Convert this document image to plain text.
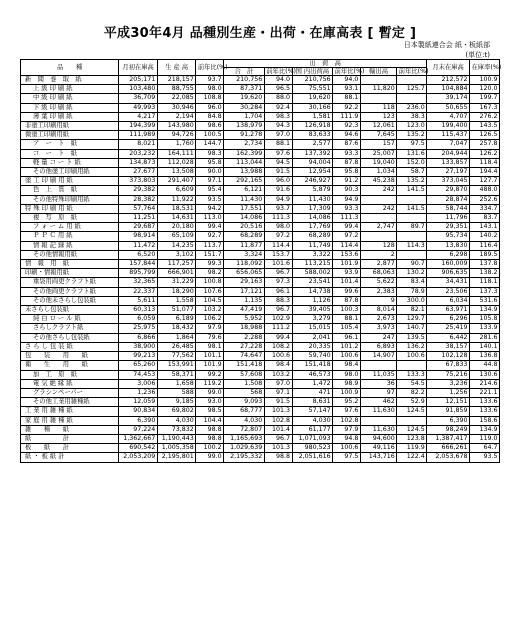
平成30年4月 品種別生産・出荷・在庫高表 [ 暫定 ]
日本製紙連合会 紙・板紙部
(単位:t)
品　　種	月初在庫高	生 産 高	前年比(%)	出　荷　高						月末在庫高	在庫率(%)
				合　計	前年比(%)	国 内出荷高	前年比(%)	輸出高	前年比(%)		
新　聞　巻　取　紙	205,171	218,157	93.7	210,756	94.0	210,756	94.0			212,572	100.9
上 級 印 刷 紙	103,480	88,755	98.0	87,371	96.5	75,551	93.1	11,820	125.7	104,884	120.0
中 級 印 刷 紙	36,709	22,085	108.8	19,620	88.0	19,620	88.1			39,174	199.7
下 級 印 刷 紙	49,993	30,946	96.0	30,284	92.4	30,166	92.2	118	236.0	50,655	167.3
薄 葉 印 刷 紙	4,217	2,194	84.8	1,704	98.3	1,581	111.9	123	38.3	4,707	276.2
非塗工印刷用紙	194,399	143,980	98.6	138,979	94.3	126,918	92.3	12,061	123.0	199,400	143.5
微塗工印刷用紙	111,989	94,726	100.5	91,278	97.0	83,633	94.6	7,645	135.2	115,437	126.5
ア　ー　ト　紙	8,021	1,760	144.7	2,734	88.1	2,577	87.6	157	97.5	7,047	257.8
コ　ー　ト　紙	203,232	164,111	98.3	162,399	97.6	137,392	93.3	25,007	131.6	204,944	126.2
軽 量 コ ー ト 紙	134,873	112,028	95.8	113,044	94.5	94,004	87.8	19,040	152.0	133,857	118.4
その他塗工印刷用紙	27,677	13,508	90.0	13,988	91.5	12,954	95.8	1,034	58.7	27,197	194.4
塗 工 印 刷 用 紙	373,803	291,407	97.1	292,165	96.0	246,927	91.2	45,238	135.2	373,045	127.7
色　上　質　紙	29,382	6,609	95.4	6,121	91.6	5,879	90.3	242	141.5	29,870	488.0
その他特殊印刷用紙	28,382	11,922	93.5	11,430	94.9	11,430	94.9			28,874	252.6
特 殊 印 刷 用 紙	57,764	18,531	94.2	17,551	93.7	17,309	93.3	242	141.5	58,744	334.7
複　写　原　紙	11,251	14,631	113.0	14,086	111.3	14,086	111.3			11,796	83.7
フ ォ ー ム 用 紙	29,687	20,180	99.4	20,516	98.0	17,769	99.4	2,747	89.7	29,351	143.1
Ｐ Ｐ Ｃ 用 紙	98,914	65,109	92.7	68,289	97.2	68,289	97.2			95,734	140.2
情 報 記 録 紙	11,472	14,235	113.7	11,877	114.4	11,749	114.4	128	114.3	13,830	116.4
その他情報用紙	6,520	3,102	151.7	3,324	153.7	3,322	153.6	2		6,298	189.5
情　報　用　紙	157,844	117,257	99.3	118,092	101.6	113,215	101.9	2,877	90.7	160,009	137.8
印刷・情報用紙	895,799	666,901	98.2	656,065	96.7	588,002	93.9	68,063	130.2	906,635	138.2
重袋用両更クラフト紙	32,365	31,229	100.8	29,163	97.3	23,541	101.4	5,622	83.4	34,431	118.1
その他両更クラフト紙	22,337	18,290	107.6	17,121	96.1	14,738	99.6	2,383	78.9	23,506	137.3
その他未さらし包装紙	5,611	1,558	104.5	1,135	88.3	1,126	87.8	9	300.0	6,034	531.6
未さらし包装紙	60,313	51,077	103.2	47,419	96.7	39,405	100.3	8,014	82.1	63,971	134.9
純 白 ロ ー ル 紙	6,059	6,189	106.2	5,952	102.9	3,279	88.1	2,673	129.7	6,296	105.8
さらしクラフト紙	25,975	18,432	97.9	18,988	111.2	15,015	105.4	3,973	140.7	25,419	133.9
その他さらし包装紙	6,866	1,864	79.6	2,288	99.4	2,041	96.1	247	139.5	6,442	281.6
さ ら し 包 装 紙	38,900	26,485	98.1	27,228	108.2	20,335	101.2	6,893	136.2	38,157	140.1
包　　装　　用　　紙	99,213	77,562	101.1	74,647	100.6	59,740	100.6	14,907	100.6	102,128	136.8
衛　　生　　用　　紙	65,260	153,991	101.9	151,418	98.4	151,418	98.4			67,833	44.8
加　工　原　紙	74,453	58,371	99.2	57,608	103.2	46,573	98.0	11,035	133.3	75,216	130.6
電 気 絶 縁 紙	3,006	1,658	119.2	1,508	97.0	1,472	98.9	36	54.5	3,236	214.6
グラシンペーパー	1,236	588	99.0	568	97.1	471	100.9	97	82.2	1,256	221.1
その他工業用雑種紙	12,059	9,185	93.0	9,093	91.5	8,631	95.2	462	52.9	12,151	133.6
工 業 用 雑 種 紙	90,834	69,802	98.5	68,777	101.3	57,147	97.6	11,630	124.5	91,859	133.6
家 庭 用 雑 種 紙	6,390	4,030	104.4	4,030	102.8	4,030	102.8			6,390	158.6
雑　　種　　紙	97,224	73,832	98.8	72,807	101.4	61,177	97.9	11,630	124.5	98,249	134.9
紙　　　　　計	1,362,667	1,190,443	98.8	1,165,693	96.7	1,071,093	94.8	94,600	123.8	1,387,417	119.0
板　　紙　　計	690,542	1,005,358	100.2	1,029,639	101.3	980,523	100.6	49,116	119.9	666,261	64.7
紙 ・ 板 紙 計	2,053,209	2,195,801	99.0	2,195,332	98.8	2,051,616	97.5	143,716	122.4	2,053,678	93.5
